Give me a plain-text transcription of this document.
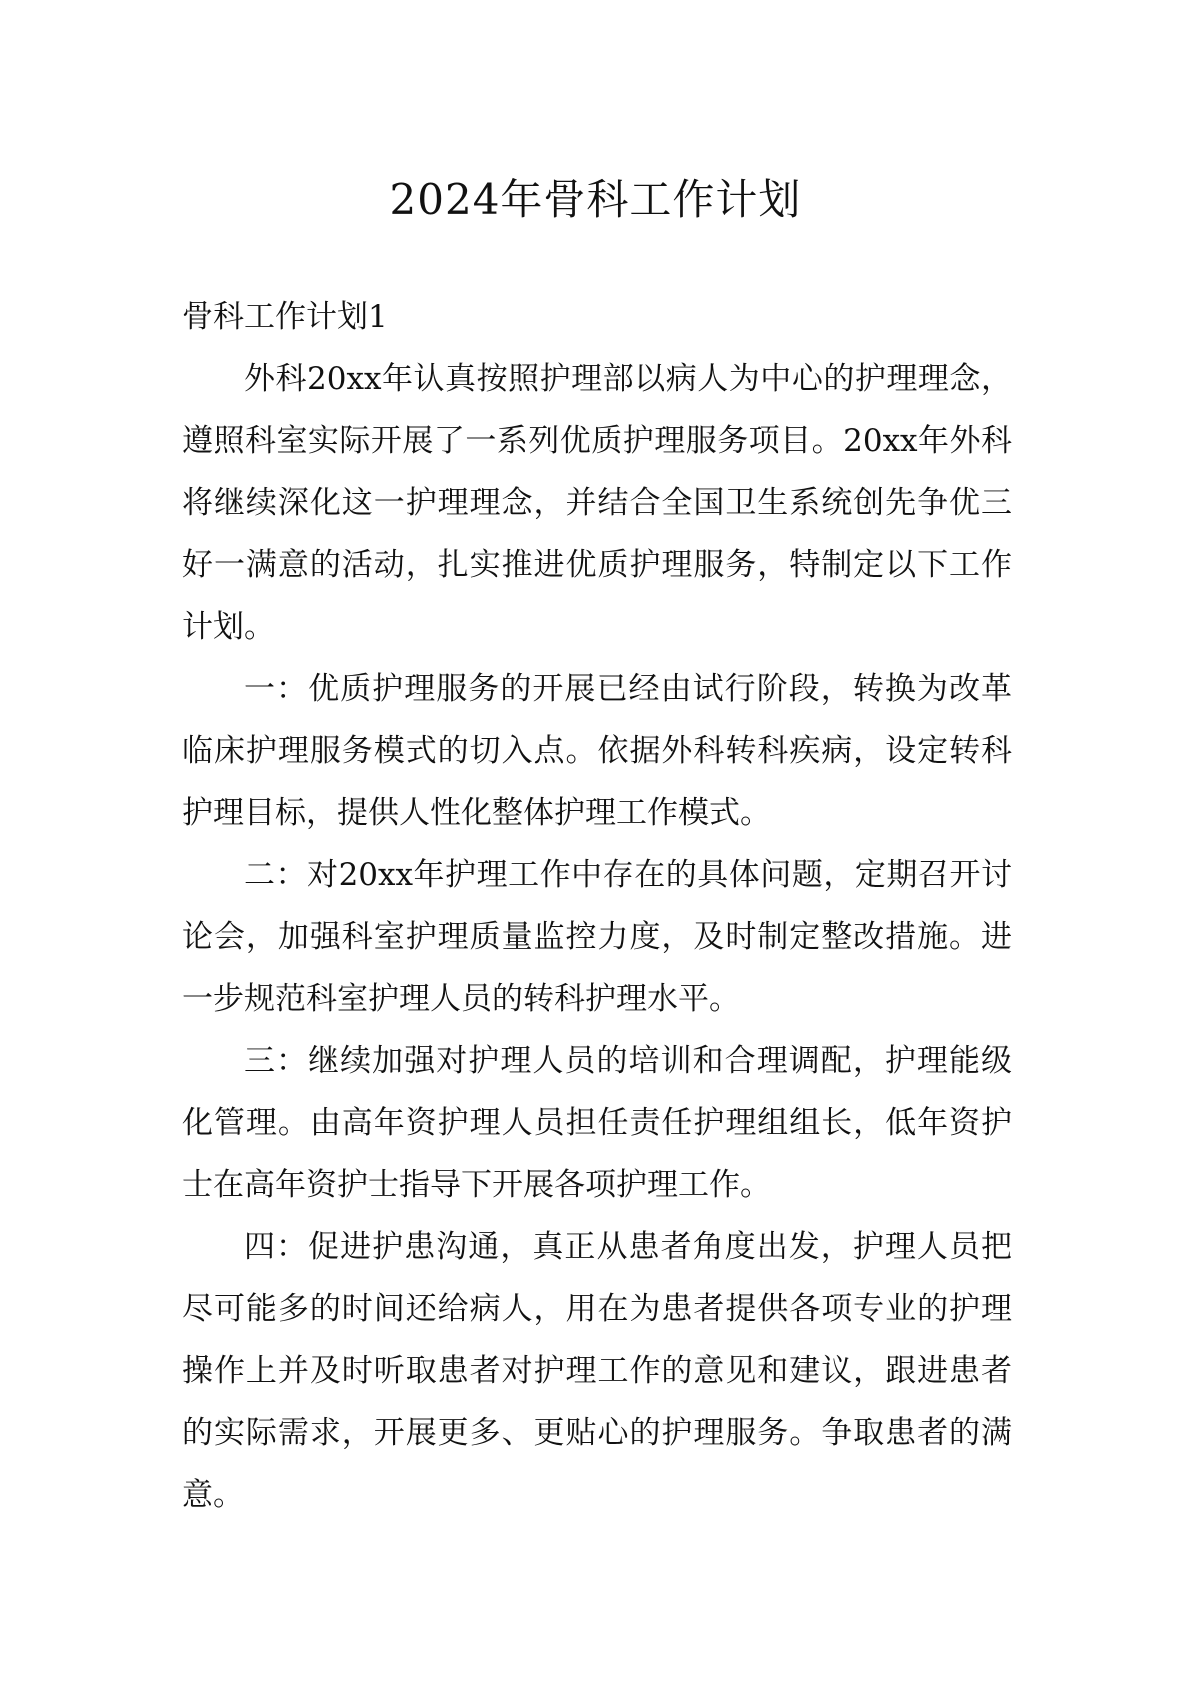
2024年骨科工作计划

骨科工作计划1

外科20xx年认真按照护理部以病人为中心的护理理念，遵照科室实际开展了一系列优质护理服务项目。20xx年外科将继续深化这一护理理念，并结合全国卫生系统创先争优三好一满意的活动，扎实推进优质护理服务，特制定以下工作计划。

一：优质护理服务的开展已经由试行阶段，转换为改革临床护理服务模式的切入点。依据外科转科疾病，设定转科护理目标，提供人性化整体护理工作模式。

二：对20xx年护理工作中存在的具体问题，定期召开讨论会，加强科室护理质量监控力度，及时制定整改措施。进一步规范科室护理人员的转科护理水平。

三：继续加强对护理人员的培训和合理调配，护理能级化管理。由高年资护理人员担任责任护理组组长，低年资护士在高年资护士指导下开展各项护理工作。

四：促进护患沟通，真正从患者角度出发，护理人员把尽可能多的时间还给病人，用在为患者提供各项专业的护理操作上并及时听取患者对护理工作的意见和建议，跟进患者的实际需求，开展更多、更贴心的护理服务。争取患者的满意。
